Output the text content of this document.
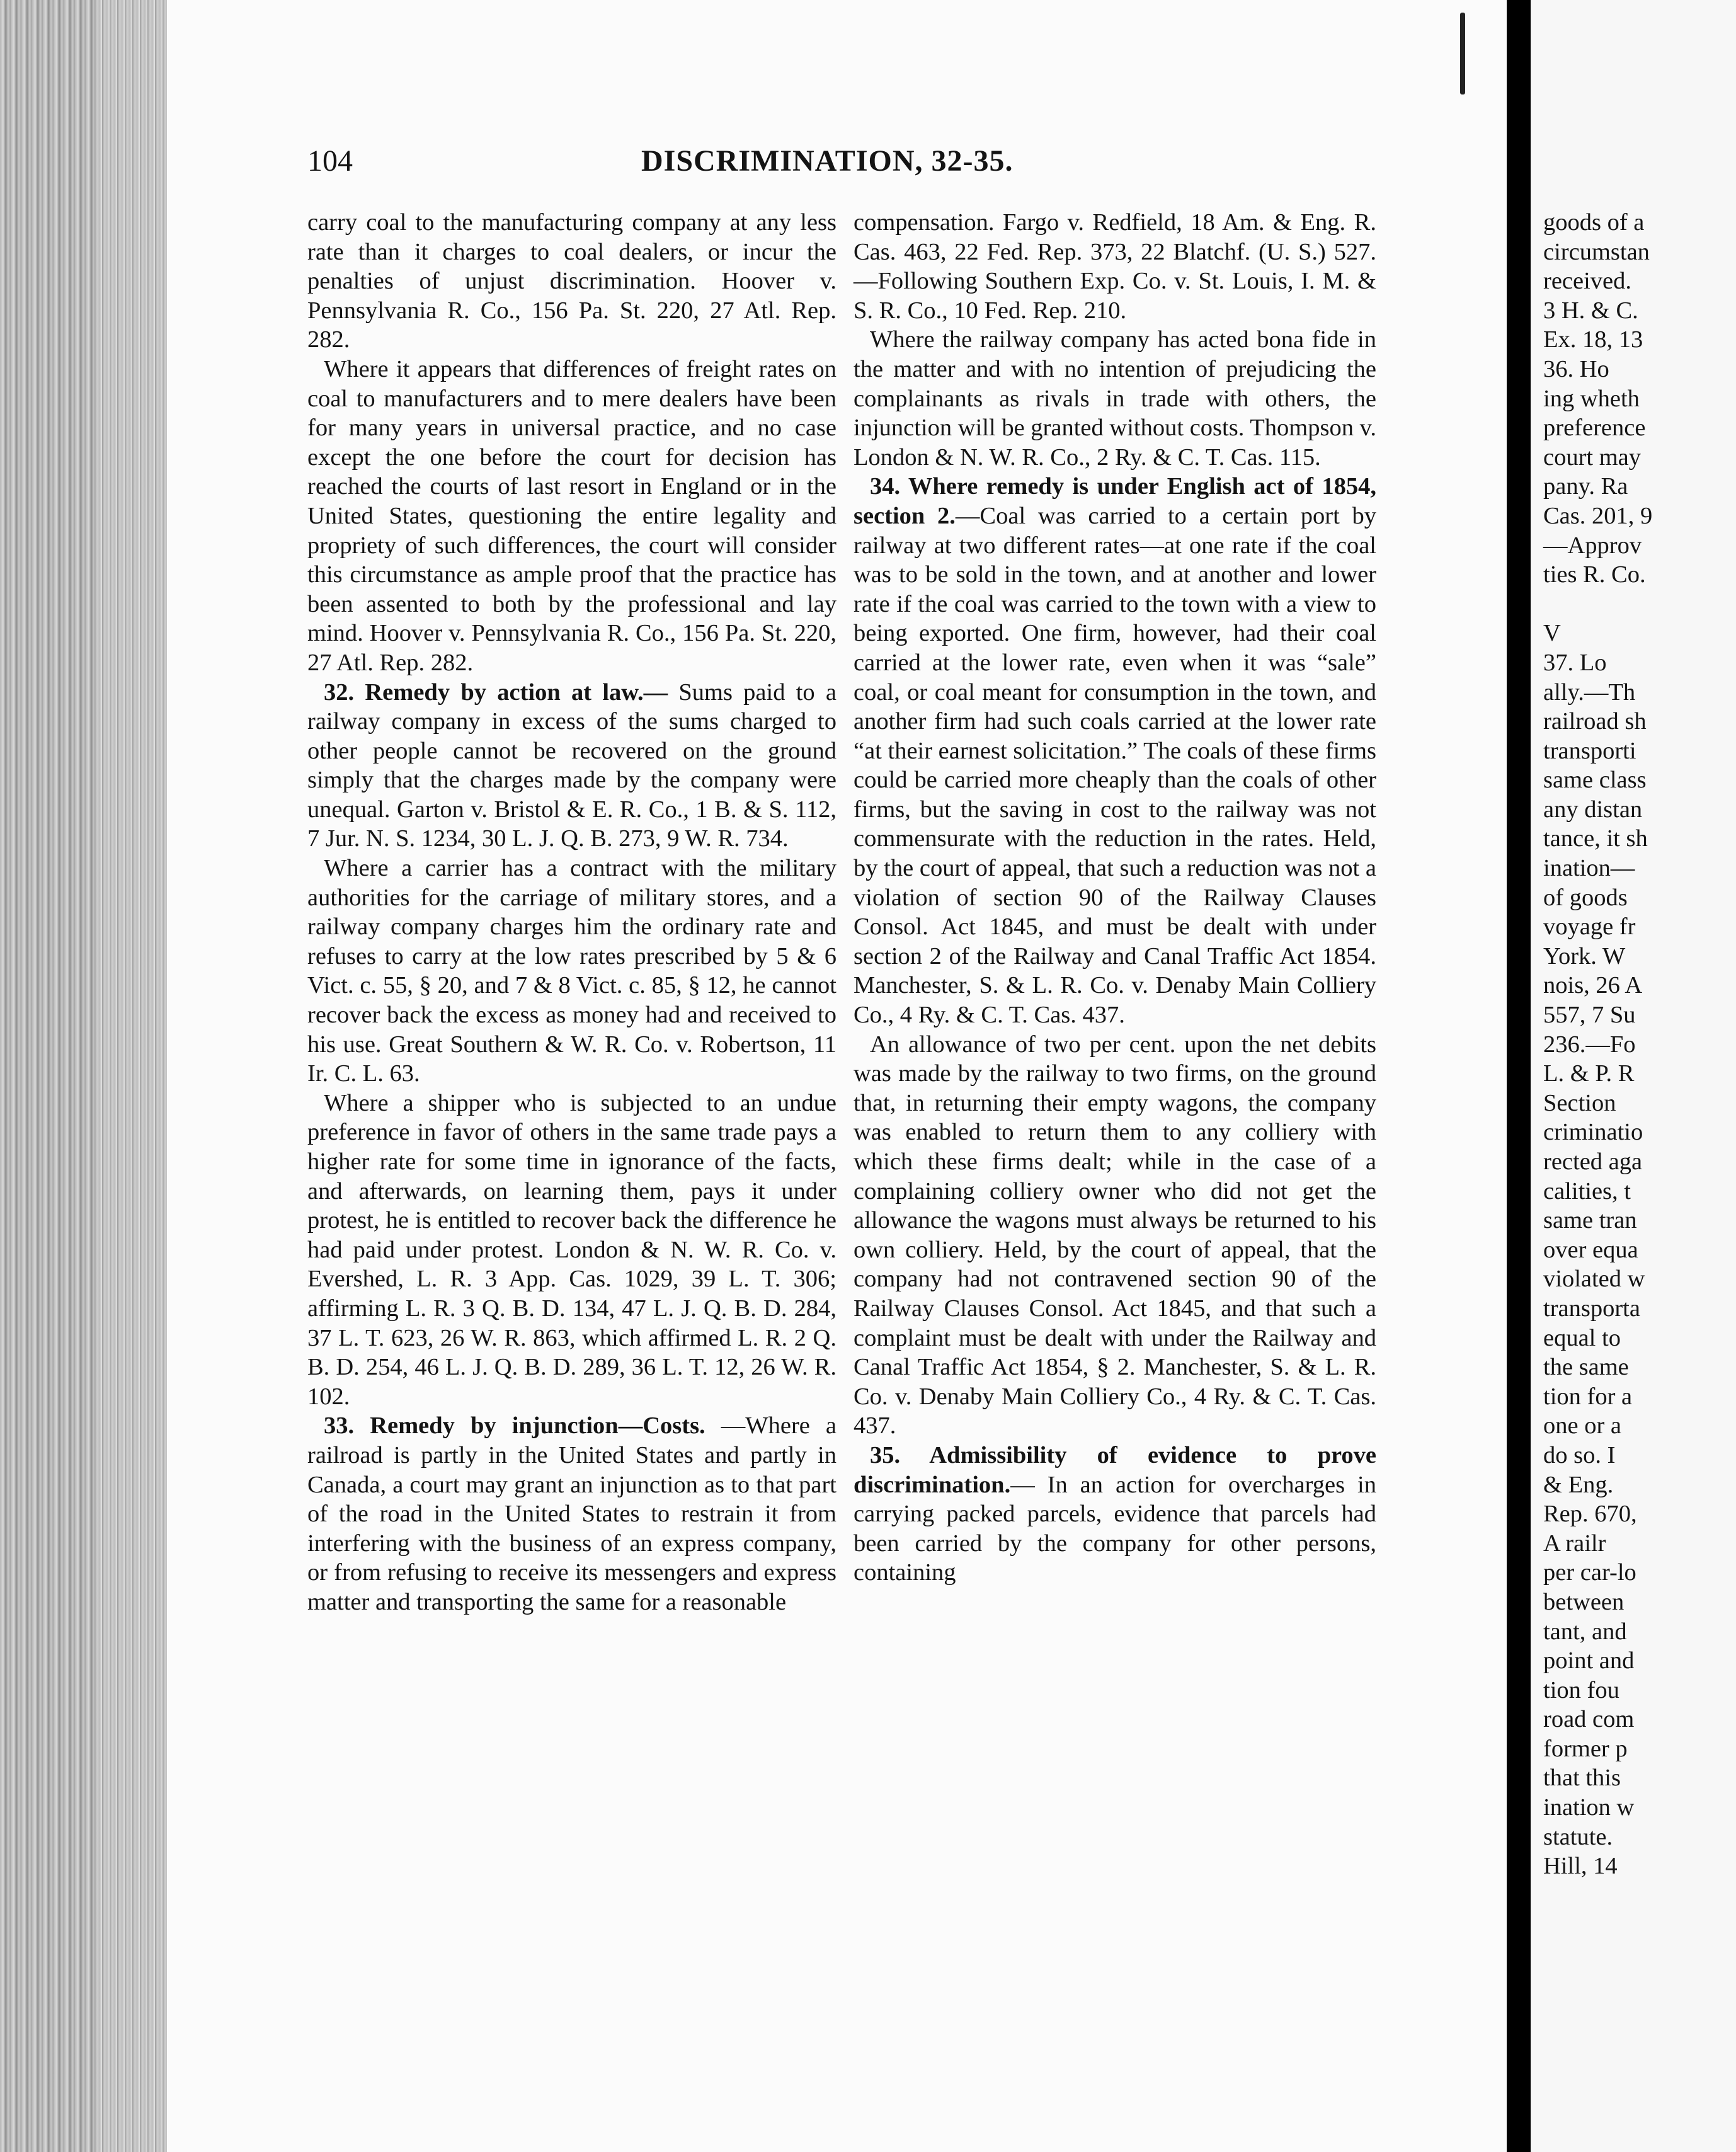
104	DISCRIMINATION, 32-35.

carry coal to the manufacturing company at any less rate than it charges to coal dealers, or incur the penalties of unjust discrimination. Hoover v. Pennsylvania R. Co., 156 Pa. St. 220, 27 Atl. Rep. 282.

Where it appears that differences of freight rates on coal to manufacturers and to mere dealers have been for many years in universal practice, and no case except the one before the court for decision has reached the courts of last resort in England or in the United States, questioning the entire legality and propriety of such differences, the court will consider this circumstance as ample proof that the practice has been assented to both by the professional and lay mind. Hoover v. Pennsylvania R. Co., 156 Pa. St. 220, 27 Atl. Rep. 282.

32. Remedy by action at law.— Sums paid to a railway company in excess of the sums charged to other people cannot be recovered on the ground simply that the charges made by the company were unequal. Garton v. Bristol & E. R. Co., 1 B. & S. 112, 7 Jur. N. S. 1234, 30 L. J. Q. B. 273, 9 W. R. 734.

Where a carrier has a contract with the military authorities for the carriage of military stores, and a railway company charges him the ordinary rate and refuses to carry at the low rates prescribed by 5 & 6 Vict. c. 55, § 20, and 7 & 8 Vict. c. 85, § 12, he cannot recover back the excess as money had and received to his use. Great Southern & W. R. Co. v. Robertson, 11 Ir. C. L. 63.

Where a shipper who is subjected to an undue preference in favor of others in the same trade pays a higher rate for some time in ignorance of the facts, and afterwards, on learning them, pays it under protest, he is entitled to recover back the difference he had paid under protest. London & N. W. R. Co. v. Evershed, L. R. 3 App. Cas. 1029, 39 L. T. 306; affirming L. R. 3 Q. B. D. 134, 47 L. J. Q. B. D. 284, 37 L. T. 623, 26 W. R. 863, which affirmed L. R. 2 Q. B. D. 254, 46 L. J. Q. B. D. 289, 36 L. T. 12, 26 W. R. 102.

33. Remedy by injunction—Costs. —Where a railroad is partly in the United States and partly in Canada, a court may grant an injunction as to that part of the road in the United States to restrain it from interfering with the business of an express company, or from refusing to receive its messengers and express matter and transporting the same for a reasonable

compensation. Fargo v. Redfield, 18 Am. & Eng. R. Cas. 463, 22 Fed. Rep. 373, 22 Blatchf. (U. S.) 527.—Following Southern Exp. Co. v. St. Louis, I. M. & S. R. Co., 10 Fed. Rep. 210.

Where the railway company has acted bona fide in the matter and with no intention of prejudicing the complainants as rivals in trade with others, the injunction will be granted without costs. Thompson v. London & N. W. R. Co., 2 Ry. & C. T. Cas. 115.

34. Where remedy is under English act of 1854, section 2.—Coal was carried to a certain port by railway at two different rates—at one rate if the coal was to be sold in the town, and at another and lower rate if the coal was carried to the town with a view to being exported. One firm, however, had their coal carried at the lower rate, even when it was “sale” coal, or coal meant for consumption in the town, and another firm had such coals carried at the lower rate “at their earnest solicitation.” The coals of these firms could be carried more cheaply than the coals of other firms, but the saving in cost to the railway was not commensurate with the reduction in the rates. Held, by the court of appeal, that such a reduction was not a violation of section 90 of the Railway Clauses Consol. Act 1845, and must be dealt with under section 2 of the Railway and Canal Traffic Act 1854. Manchester, S. & L. R. Co. v. Denaby Main Colliery Co., 4 Ry. & C. T. Cas. 437.

An allowance of two per cent. upon the net debits was made by the railway to two firms, on the ground that, in returning their empty wagons, the company was enabled to return them to any colliery with which these firms dealt; while in the case of a complaining colliery owner who did not get the allowance the wagons must always be returned to his own colliery. Held, by the court of appeal, that the company had not contravened section 90 of the Railway Clauses Consol. Act 1845, and that such a complaint must be dealt with under the Railway and Canal Traffic Act 1854, § 2. Manchester, S. & L. R. Co. v. Denaby Main Colliery Co., 4 Ry. & C. T. Cas. 437.

35. Admissibility of evidence to prove discrimination.— In an action for overcharges in carrying packed parcels, evidence that parcels had been carried by the company for other persons, containing

goods of a
circumstan
received.
3 H. & C.
Ex. 18, 13
36. Ho
ing wheth
preference
court may
pany. Ra
Cas. 201, 9
—Approv
ties R. Co.
V
37. Lo
ally.—Th
railroad sh
transporti
same class
any distan
tance, it sh
ination—
of goods
voyage fr
York. W
nois, 26 A
557, 7 Su
236.—Fo
L. & P. R
Section
criminatio
rected aga
calities, t
same tran
over equa
violated w
transporta
equal to
the same
tion for a
one or a
do so. I
& Eng.
Rep. 670,
A railr
per car-lo
between
tant, and
point and
tion fou
road com
former p
that this
ination w
statute.
Hill, 14
